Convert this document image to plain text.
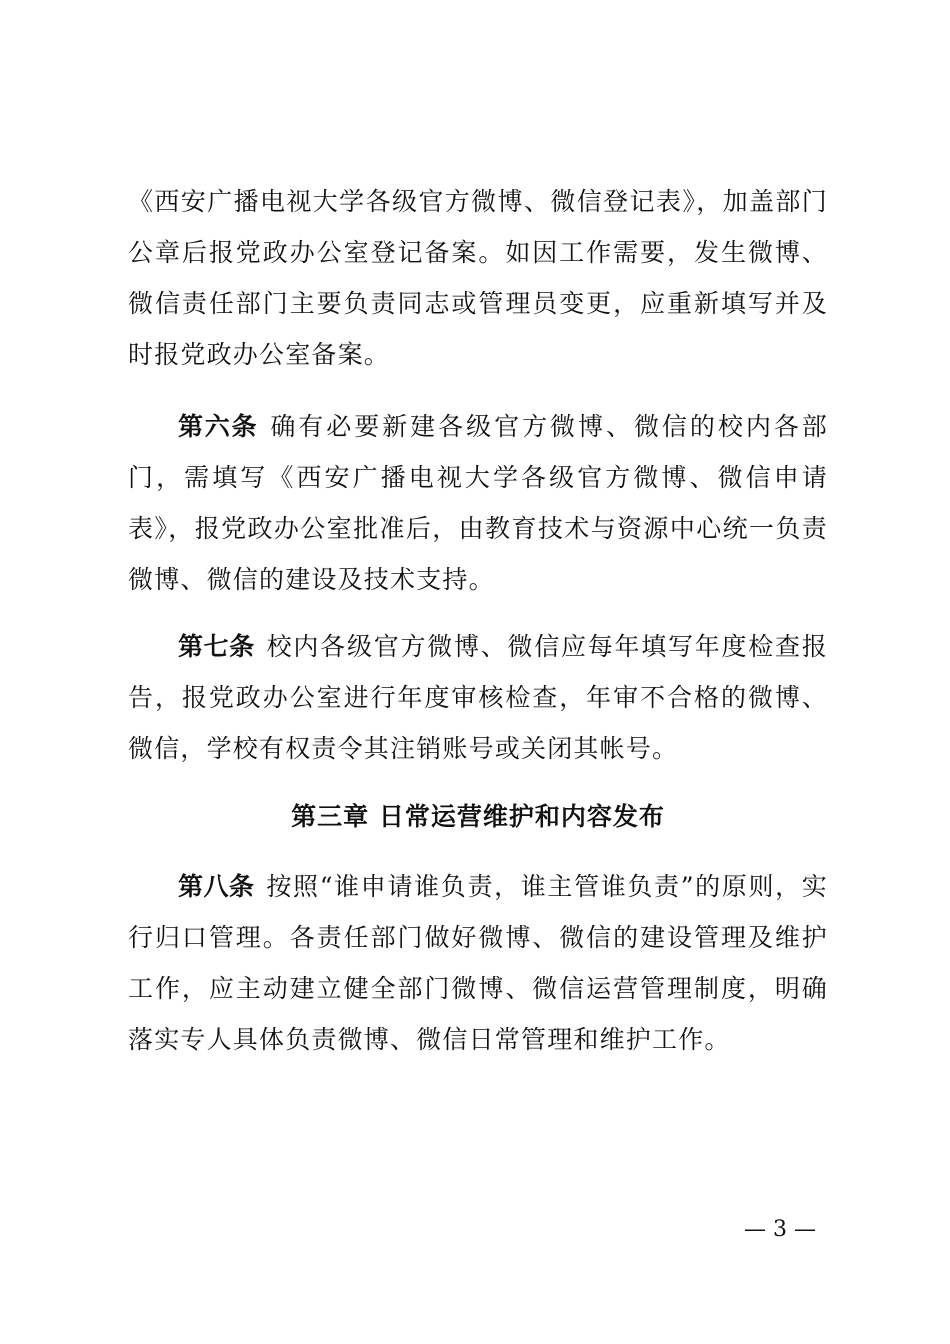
《西安广播电视大学各级官方微博、微信登记表》，加盖部门公章后报党政办公室登记备案。如因工作需要，发生微博、微信责任部门主要负责同志或管理员变更，应重新填写并及时报党政办公室备案。

第六条 确有必要新建各级官方微博、微信的校内各部门，需填写《西安广播电视大学各级官方微博、微信申请表》，报党政办公室批准后，由教育技术与资源中心统一负责微博、微信的建设及技术支持。

第七条 校内各级官方微博、微信应每年填写年度检查报告，报党政办公室进行年度审核检查，年审不合格的微博、微信，学校有权责令其注销账号或关闭其帐号。

第三章 日常运营维护和内容发布

第八条 按照“谁申请谁负责，谁主管谁负责”的原则，实行归口管理。各责任部门做好微博、微信的建设管理及维护工作，应主动建立健全部门微博、微信运营管理制度，明确落实专人具体负责微博、微信日常管理和维护工作。

— 3 —
